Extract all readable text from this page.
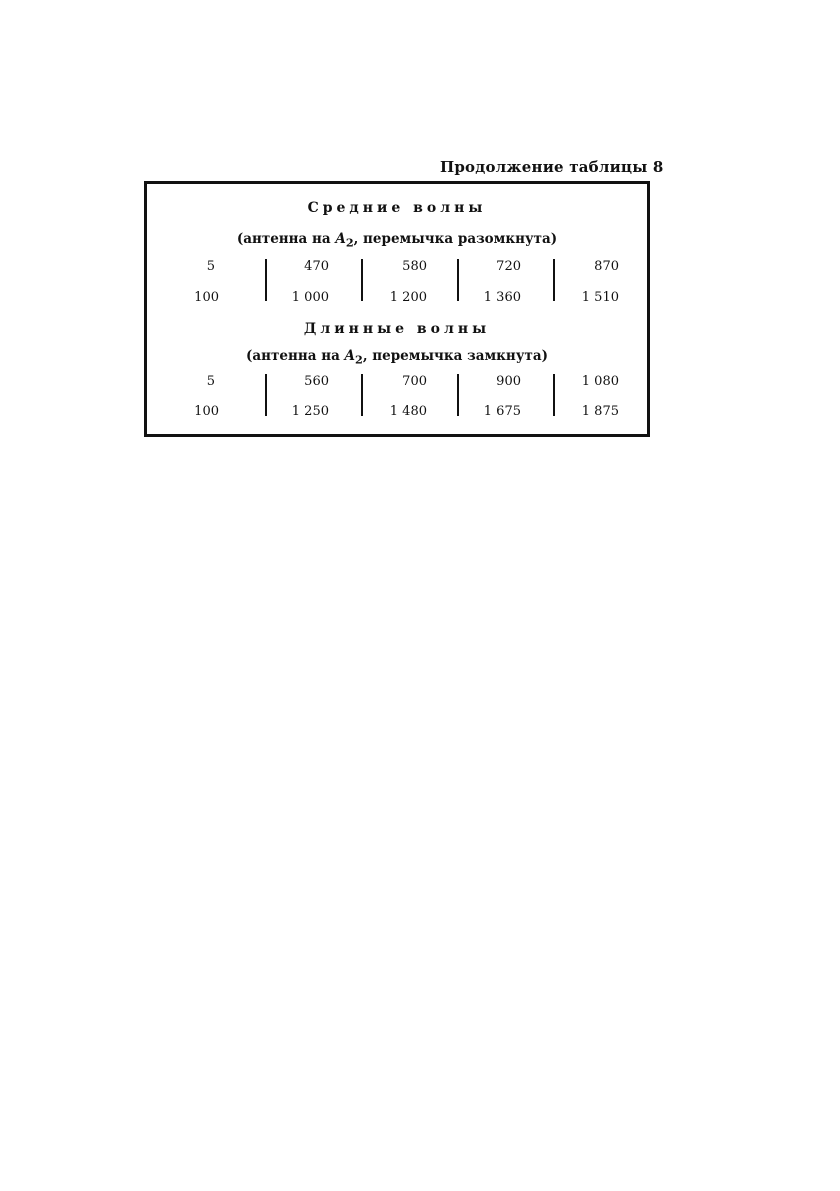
Продолжение таблицы 8
Средние волны
(антенна на $A_2$, перемычка разомкнута)
5	470	580	720	870
100	1 000	1 200	1 360	1 510
Длинные волны
(антенна на $A_2$, перемычка замкнута)
5	560	700	900	1 080
100	1 250	1 480	1 675	1 875
